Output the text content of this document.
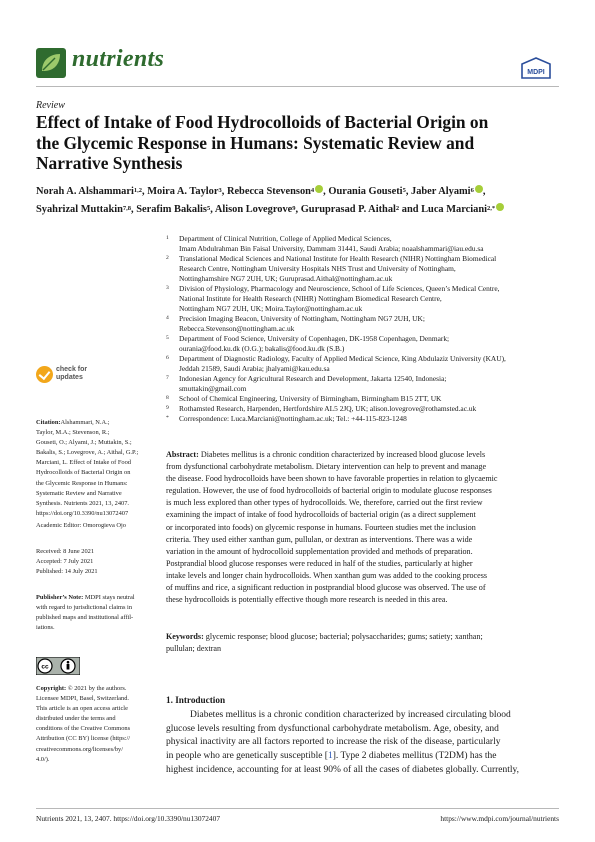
nutrients
MDPI
Review
Effect of Intake of Food Hydrocolloids of Bacterial Origin on
the Glycemic Response in Humans: Systematic Review and
Narrative Synthesis
Norah A. Alshammari$^{1,2}$, Moira A. Taylor$^3$, Rebecca Stevenson$^4$ , Ourania Gouseti$^5$, Jaber Alyami$^6$ ,
Syahrizal Muttakin$^{7,8}$, Serafim Bakalis$^5$, Alison Lovegrove$^9$, Guruprasad P. Aithal$^2$ and Luca Marciani$^{2,*}$
1 Department of Clinical Nutrition, College of Applied Medical Sciences,
Imam Abdulrahman Bin Faisal University, Dammam 31441, Saudi Arabia; noaalshammari@iau.edu.sa
2 Translational Medical Sciences and National Institute for Health Research (NIHR) Nottingham Biomedical
Research Centre, Nottingham University Hospitals NHS Trust and University of Nottingham,
Nottinghamshire NG7 2UH, UK; Guruprasad.Aithal@nottingham.ac.uk
3 Division of Physiology, Pharmacology and Neuroscience, School of Life Sciences, Queen’s Medical Centre,
National Institute for Health Research (NIHR) Nottingham Biomedical Research Centre,
Nottingham NG7 2UH, UK; Moira.Taylor@nottingham.ac.uk
4 Precision Imaging Beacon, University of Nottingham, Nottingham NG7 2UH, UK;
Rebecca.Stevenson@nottingham.ac.uk
5 Department of Food Science, University of Copenhagen, DK-1958 Copenhagen, Denmark;
ourania@food.ku.dk (O.G.); bakalis@food.ku.dk (S.B.)
6 Department of Diagnostic Radiology, Faculty of Applied Medical Science, King Abdulaziz University (KAU),
Jeddah 21589, Saudi Arabia; jhalyami@kau.edu.sa
7 Indonesian Agency for Agricultural Research and Development, Jakarta 12540, Indonesia;
smuttakin@gmail.com
8 School of Chemical Engineering, University of Birmingham, Birmingham B15 2TT, UK
9 Rothamsted Research, Harpenden, Hertfordshire AL5 2JQ, UK; alison.lovegrove@rothamsted.ac.uk
* Correspondence: Luca.Marciani@nottingham.ac.uk; Tel.: +44-115-823-1248
check for
updates
Citation:Alshammari, N.A.;
Taylor, M.A.; Stevenson, R.;
Gouseti, O.; Alyami, J.; Muttakin, S.;
Bakalis, S.; Lovegrove, A.; Aithal, G.P.;
Marciani, L. Effect of Intake of Food
Hydrocolloids of Bacterial Origin on
the Glycemic Response in Humans:
Systematic Review and Narrative
Synthesis. Nutrients 2021, 13, 2407.
https://doi.org/10.3390/nu13072407
Academic Editor: Omorogieva Ojo
Received: 8 June 2021
Accepted: 7 July 2021
Published: 14 July 2021
Publisher’s Note: MDPI stays neutral
with regard to jurisdictional claims in
published maps and institutional affil-
iations.
cc
Copyright: © 2021 by the authors.
Licensee MDPI, Basel, Switzerland.
This article is an open access article
distributed under the terms and
conditions of the Creative Commons
Attribution (CC BY) license (https://
creativecommons.org/licenses/by/
4.0/).
Abstract: Diabetes mellitus is a chronic condition characterized by increased blood glucose levels
from dysfunctional carbohydrate metabolism. Dietary intervention can help to prevent and manage
the disease. Food hydrocolloids have been shown to have favorable properties in relation to glycaemic
regulation. However, the use of food hydrocolloids of bacterial origin to modulate glucose responses
is much less explored than other types of hydrocolloids. We, therefore, carried out the first review
examining the impact of intake of food hydrocolloids of bacterial origin (as a direct supplement
or incorporated into foods) on glycemic response in humans. Fourteen studies met the inclusion
criteria. They used either xanthan gum, pullulan, or dextran as interventions. There was a wide
variation in the amount of hydrocolloid supplementation provided and methods of preparation.
Postprandial blood glucose responses were reduced in half of the studies, particularly at higher
intake levels and longer chain hydrocolloids. When xanthan gum was added to the cooking process
of muffins and rice, a significant reduction in postprandial blood glucose was observed. The use of
these hydrocolloids is potentially effective though more research is needed in this area.
Keywords: glycemic response; blood glucose; bacterial; polysaccharides; gums; satiety; xanthan;
pullulan; dextran
1. Introduction
Diabetes mellitus is a chronic condition characterized by increased circulating blood
glucose levels resulting from dysfunctional carbohydrate metabolism. Age, obesity, and
physical inactivity are all factors reported to increase the risk of the disease, particularly
in people who are genetically susceptible [1]. Type 2 diabetes mellitus (T2DM) has the
highest incidence, accounting for at least 90% of all the cases of diabetes globally. Currently,
Nutrients 2021, 13, 2407. https://doi.org/10.3390/nu13072407	https://www.mdpi.com/journal/nutrients
